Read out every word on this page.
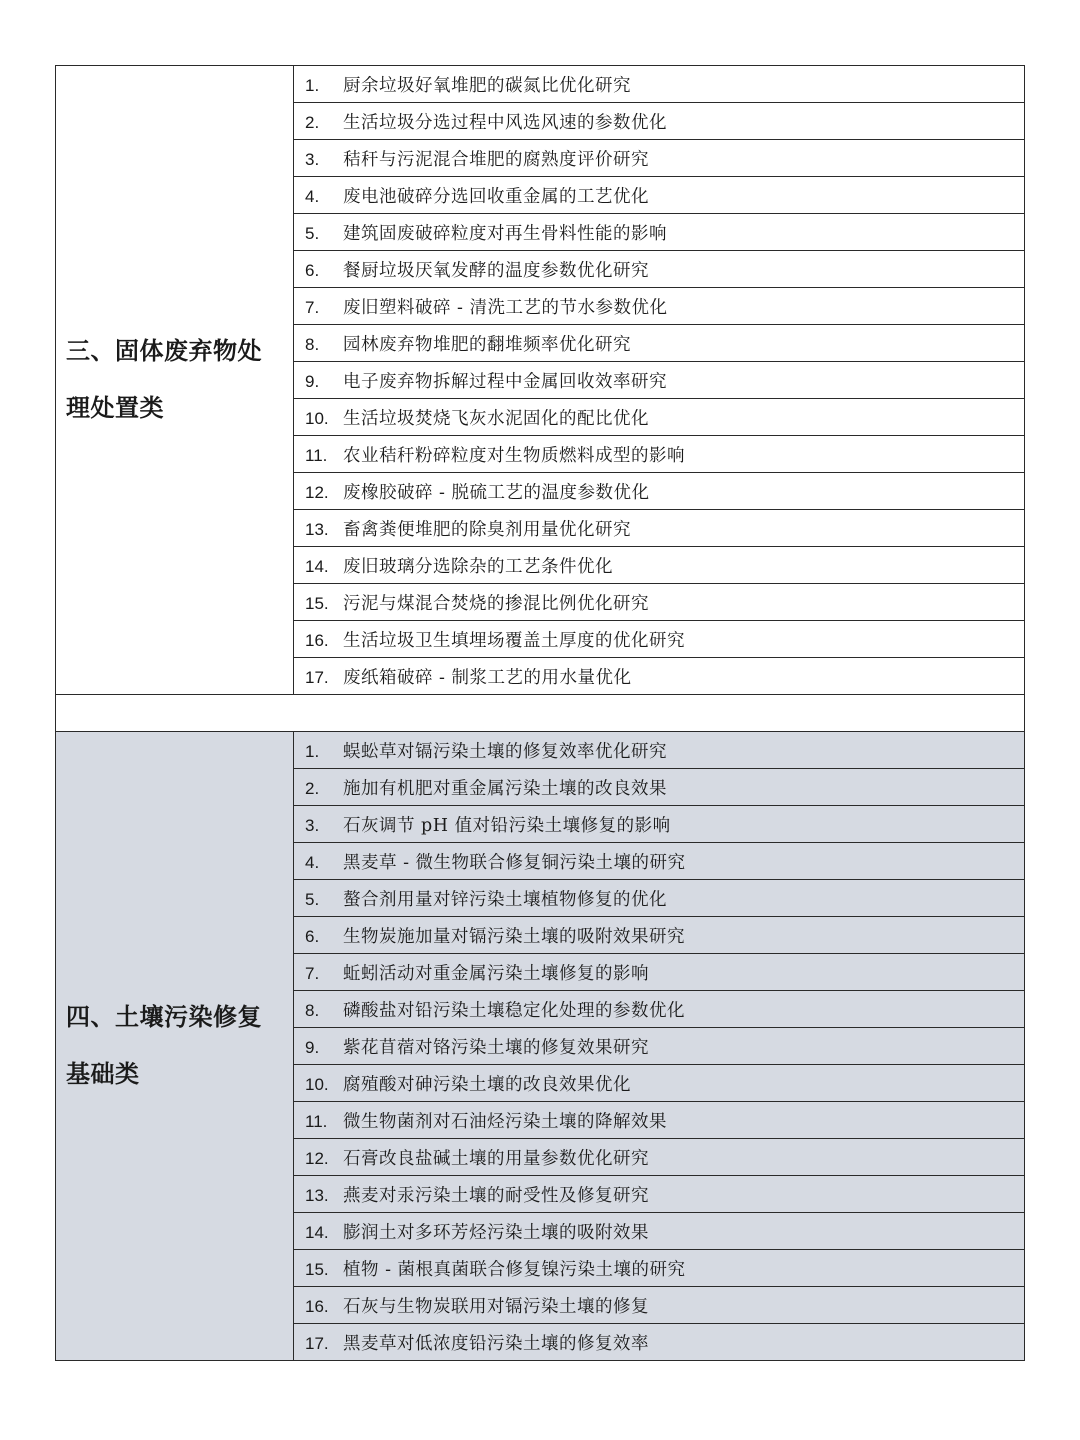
三、固体废弃物处理处置类	1. 厨余垃圾好氧堆肥的碳氮比优化研究
	2. 生活垃圾分选过程中风选风速的参数优化
	3. 秸秆与污泥混合堆肥的腐熟度评价研究
	4. 废电池破碎分选回收重金属的工艺优化
	5. 建筑固废破碎粒度对再生骨料性能的影响
	6. 餐厨垃圾厌氧发酵的温度参数优化研究
	7. 废旧塑料破碎 - 清洗工艺的节水参数优化
	8. 园林废弃物堆肥的翻堆频率优化研究
	9. 电子废弃物拆解过程中金属回收效率研究
	10. 生活垃圾焚烧飞灰水泥固化的配比优化
	11. 农业秸秆粉碎粒度对生物质燃料成型的影响
	12. 废橡胶破碎 - 脱硫工艺的温度参数优化
	13. 畜禽粪便堆肥的除臭剂用量优化研究
	14. 废旧玻璃分选除杂的工艺条件优化
	15. 污泥与煤混合焚烧的掺混比例优化研究
	16. 生活垃圾卫生填埋场覆盖土厚度的优化研究
	17. 废纸箱破碎 - 制浆工艺的用水量优化

四、土壤污染修复基础类	1. 蜈蚣草对镉污染土壤的修复效率优化研究
	2. 施加有机肥对重金属污染土壤的改良效果
	3. 石灰调节 pH 值对铅污染土壤修复的影响
	4. 黑麦草 - 微生物联合修复铜污染土壤的研究
	5. 螯合剂用量对锌污染土壤植物修复的优化
	6. 生物炭施加量对镉污染土壤的吸附效果研究
	7. 蚯蚓活动对重金属污染土壤修复的影响
	8. 磷酸盐对铅污染土壤稳定化处理的参数优化
	9. 紫花苜蓿对铬污染土壤的修复效果研究
	10. 腐殖酸对砷污染土壤的改良效果优化
	11. 微生物菌剂对石油烃污染土壤的降解效果
	12. 石膏改良盐碱土壤的用量参数优化研究
	13. 燕麦对汞污染土壤的耐受性及修复研究
	14. 膨润土对多环芳烃污染土壤的吸附效果
	15. 植物 - 菌根真菌联合修复镍污染土壤的研究
	16. 石灰与生物炭联用对镉污染土壤的修复
	17. 黑麦草对低浓度铅污染土壤的修复效率
